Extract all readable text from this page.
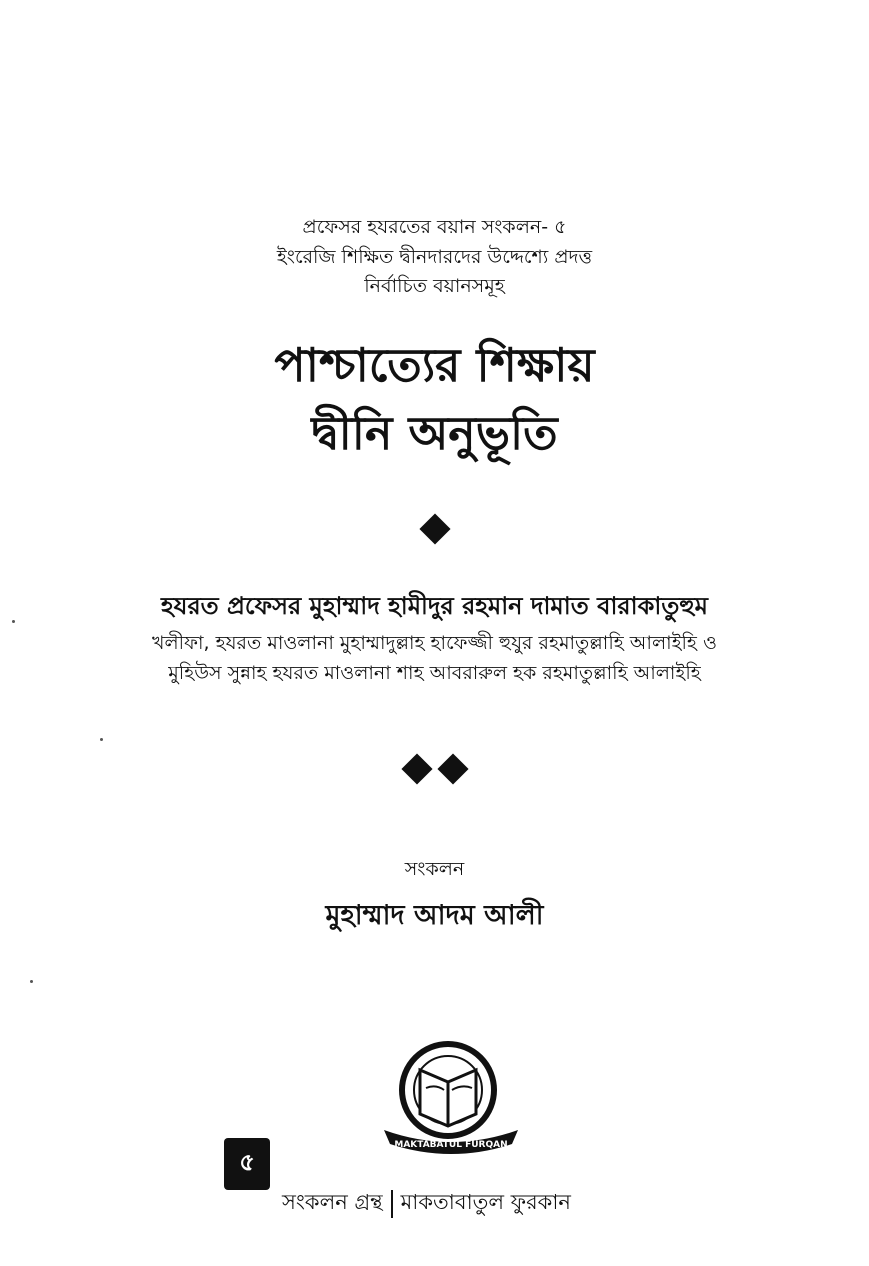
প্রফেসর হযরতের বয়ান সংকলন- ৫
ইংরেজি শিক্ষিত দ্বীনদারদের উদ্দেশ্যে প্রদত্ত
নির্বাচিত বয়ানসমূহ
পাশ্চাত্যের শিক্ষায়
দ্বীনি অনুভূতি
হযরত প্রফেসর মুহাম্মাদ হামীদুর রহমান দামাত বারাকাতুহুম
খলীফা, হযরত মাওলানা মুহাম্মাদুল্লাহ হাফেজ্জী হুযুর রহমাতুল্লাহি আলাইহি ও
মুহিউস সুন্নাহ হযরত মাওলানা শাহ আবরারুল হক রহমাতুল্লাহি আলাইহি
সংকলন
মুহাম্মাদ আদম আলী
MAKTABATUL FURQAN
৫
সংকলন গ্রন্থ মাকতাবাতুল ফুরকান
